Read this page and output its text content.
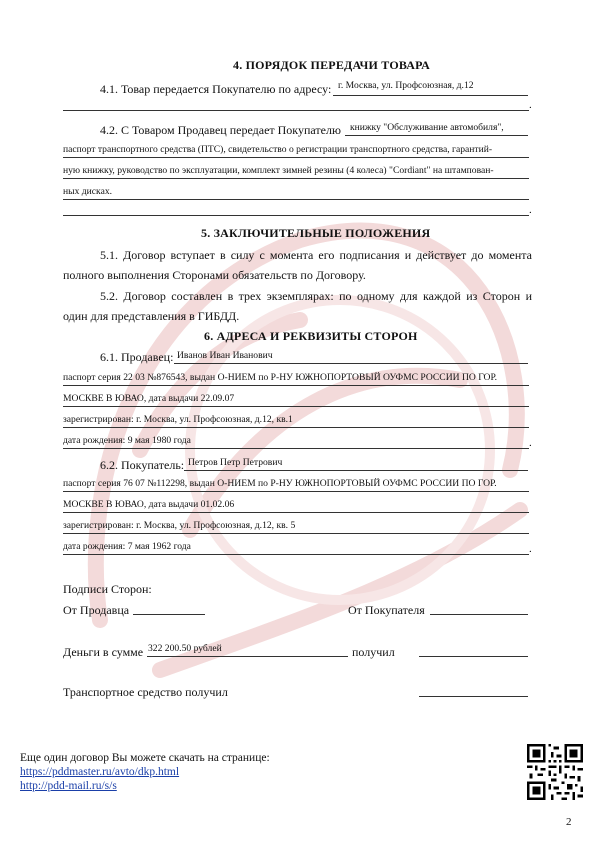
4. ПОРЯДОК ПЕРЕДАЧИ ТОВАРА
4.1. Товар передается Покупателю по адресу: г. Москва, ул. Профсоюзная, д.12
.
4.2. С Товаром Продавец передает Покупателю книжку "Обслуживание автомобиля",
паспорт транспортного средства (ПТС), свидетельство о регистрации транспортного средства, гарантий-
ную книжку, руководство по эксплуатации, комплект зимней резины (4 колеса) "Cordiant" на штампован-
ных дисках.
.
5. ЗАКЛЮЧИТЕЛЬНЫЕ ПОЛОЖЕНИЯ
5.1. Договор вступает в силу с момента его подписания и действует до момента
полного выполнения Сторонами обязательств по Договору.
5.2. Договор составлен в трех экземплярах: по одному для каждой из Сторон и
один для представления в ГИБДД.
6. АДРЕСА И РЕКВИЗИТЫ СТОРОН
6.1. Продавец: Иванов Иван Иванович
паспорт серия 22 03 №876543, выдан О-НИЕМ по Р-НУ ЮЖНОПОРТОВЫЙ ОУФМС РОССИИ ПО ГОР.
МОСКВЕ В ЮВАО, дата выдачи 22.09.07
зарегистрирован: г. Москва, ул. Профсоюзная, д.12, кв.1
дата рождения: 9 мая 1980 года	.
6.2. Покупатель: Петров Петр Петрович
паспорт серия 76 07 №112298, выдан О-НИЕМ по Р-НУ ЮЖНОПОРТОВЫЙ ОУФМС РОССИИ ПО ГОР.
МОСКВЕ В ЮВАО, дата выдачи 01.02.06
зарегистрирован: г. Москва, ул. Профсоюзная, д.12, кв. 5
дата рождения: 7 мая 1962 года	.
Подписи Сторон:
От Продавца	От Покупателя
Деньги в сумме 322 200.50 рублей	получил
Транспортное средство получил
Еще один договор Вы можете скачать на странице:
https://pddmaster.ru/avto/dkp.html
http://pdd-mail.ru/s/s
2
